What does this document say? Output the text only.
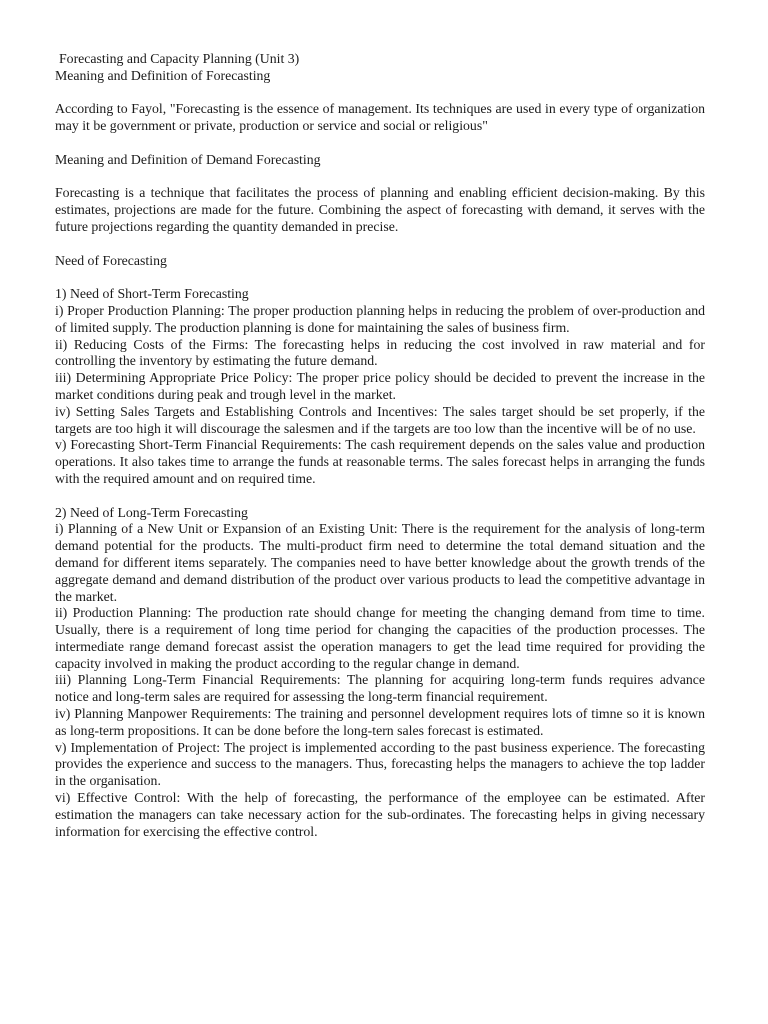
Forecasting and Capacity Planning (Unit 3)

Meaning and Definition of Forecasting

According to Fayol, "Forecasting is the essence of management. Its techniques are used in every type of organization may it be government or private, production or service and social or religious"

Meaning and Definition of Demand Forecasting

Forecasting is a technique that facilitates the process of planning and enabling efficient decision-making. By this estimates, projections are made for the future. Combining the aspect of forecasting with demand, it serves with the future projections regarding the quantity demanded in precise.

Need of Forecasting

1) Need of Short-Term Forecasting

i) Proper Production Planning: The proper production planning helps in reducing the problem of over-production and of limited supply. The production planning is done for maintaining the sales of business firm.

ii) Reducing Costs of the Firms: The forecasting helps in reducing the cost involved in raw material and for controlling the inventory by estimating the future demand.

iii) Determining Appropriate Price Policy: The proper price policy should be decided to prevent the increase in the market conditions during peak and trough level in the market.

iv) Setting Sales Targets and Establishing Controls and Incentives: The sales target should be set properly, if the targets are too high it will discourage the salesmen and if the targets are too low than the incentive will be of no use.

v) Forecasting Short-Term Financial Requirements: The cash requirement depends on the sales value and production operations. It also takes time to arrange the funds at reasonable terms. The sales forecast helps in arranging the funds with the required amount and on required time.

2) Need of Long-Term Forecasting

i) Planning of a New Unit or Expansion of an Existing Unit: There is the requirement for the analysis of long-term demand potential for the products. The multi-product firm need to determine the total demand situation and the demand for different items separately. The companies need to have better knowledge about the growth trends of the aggregate demand and demand distribution of the product over various products to lead the competitive advantage in the market.

ii) Production Planning: The production rate should change for meeting the changing demand from time to time. Usually, there is a requirement of long time period for changing the capacities of the production processes. The intermediate range demand forecast assist the operation managers to get the lead time required for providing the capacity involved in making the product according to the regular change in demand.

iii) Planning Long-Term Financial Requirements: The planning for acquiring long-term funds requires advance notice and long-term sales are required for assessing the long-term financial requirement.

iv) Planning Manpower Requirements: The training and personnel development requires lots of timne so it is known as long-term propositions. It can be done before the long-tern sales forecast is estimated.

v) Implementation of Project: The project is implemented according to the past business experience. The forecasting provides the experience and success to the managers. Thus, forecasting helps the managers to achieve the top ladder in the organisation.

vi) Effective Control: With the help of forecasting, the performance of the employee can be estimated. After estimation the managers can take necessary action for the sub-ordinates. The forecasting helps in giving necessary information for exercising the effective control.
